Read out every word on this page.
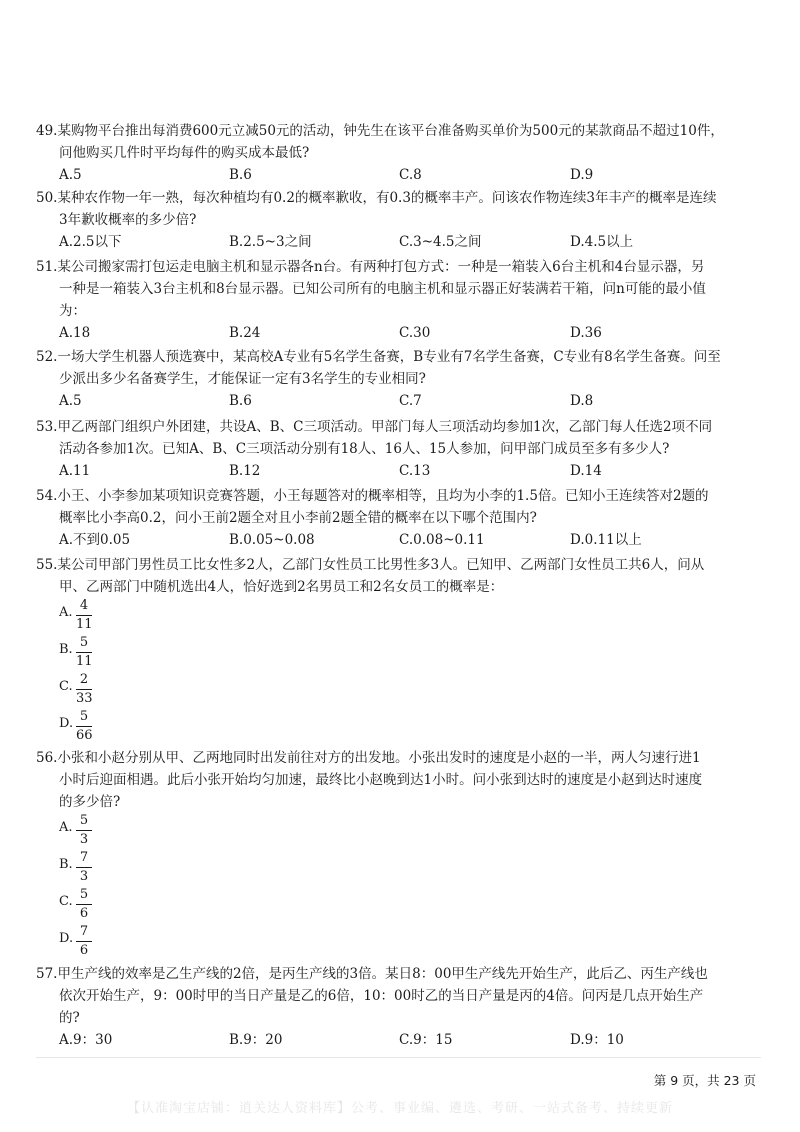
49.某购物平台推出每消费600元立减50元的活动，钟先生在该平台准备购买单价为500元的某款商品不超过10件，
问他购买几件时平均每件的购买成本最低?
A.5	B.6	C.8	D.9
50.某种农作物一年一熟，每次种植均有0.2的概率歉收，有0.3的概率丰产。问该农作物连续3年丰产的概率是连续
3年歉收概率的多少倍?
A.2.5以下	B.2.5~3之间	C.3~4.5之间	D.4.5以上
51.某公司搬家需打包运走电脑主机和显示器各n台。有两种打包方式：一种是一箱装入6台主机和4台显示器，另
一种是一箱装入3台主机和8台显示器。已知公司所有的电脑主机和显示器正好装满若干箱，问n可能的最小值
为：
A.18	B.24	C.30	D.36
52.一场大学生机器人预选赛中，某高校A专业有5名学生备赛，B专业有7名学生备赛，C专业有8名学生备赛。问至
少派出多少名备赛学生，才能保证一定有3名学生的专业相同?
A.5	B.6	C.7	D.8
53.甲乙两部门组织户外团建，共设A、B、C三项活动。甲部门每人三项活动均参加1次，乙部门每人任选2项不同
活动各参加1次。已知A、B、C三项活动分别有18人、16人、15人参加，问甲部门成员至多有多少人?
A.11	B.12	C.13	D.14
54.小王、小李参加某项知识竞赛答题，小王每题答对的概率相等，且均为小李的1.5倍。已知小王连续答对2题的
概率比小李高0.2，问小王前2题全对且小李前2题全错的概率在以下哪个范围内?
A.不到0.05	B.0.05~0.08	C.0.08~0.11	D.0.11以上
55.某公司甲部门男性员工比女性多2人，乙部门女性员工比男性多3人。已知甲、乙两部门女性员工共6人，问从
甲、乙两部门中随机选出4人，恰好选到2名男员工和2名女员工的概率是：
A. 4
11
B. 5
11
C. 2
33
D. 5
66
56.小张和小赵分别从甲、乙两地同时出发前往对方的出发地。小张出发时的速度是小赵的一半，两人匀速行进1
小时后迎面相遇。此后小张开始均匀加速，最终比小赵晚到达1小时。问小张到达时的速度是小赵到达时速度
的多少倍?
A. 5
3
B. 7
3
C. 5
6
D. 7
6
57.甲生产线的效率是乙生产线的2倍，是丙生产线的3倍。某日8：00甲生产线先开始生产，此后乙、丙生产线也
依次开始生产，9：00时甲的当日产量是乙的6倍，10：00时乙的当日产量是丙的4倍。问丙是几点开始生产
的?
A.9：30	B.9：20	C.9：15	D.9：10
第 9 页，共 23 页
【认准淘宝店铺：逍关达人资料库】公考、事业编、遴选、考研、一站式备考、持续更新
